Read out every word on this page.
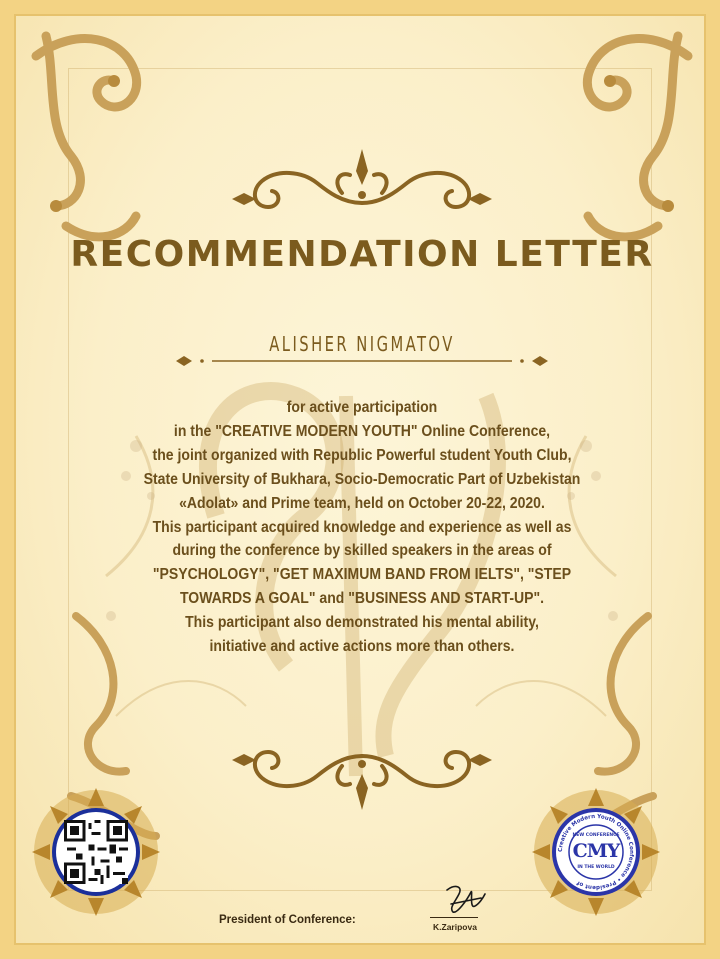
RECOMMENDATION LETTER
ALISHER NIGMATOV
for active participation
in the "CREATIVE MODERN YOUTH" Online Conference,
the joint organized with Republic Powerful student Youth Club,
State University of Bukhara, Socio-Democratic Part of Uzbekistan
«Adolat» and Prime team, held on October 20-22, 2020.
This participant acquired knowledge and experience as well as
during the conference by skilled speakers in the areas of
"PSYCHOLOGY", "GET MAXIMUM BAND FROM IELTS", "STEP
TOWARDS A GOAL" and "BUSINESS AND START-UP".
This participant also demonstrated his mental ability,
initiative and active actions more than others.
Creative Modern Youth Online Conference • President of
NEW CONFERENCE
CMY
IN THE WORLD
President of Conference:
K.Zaripova
